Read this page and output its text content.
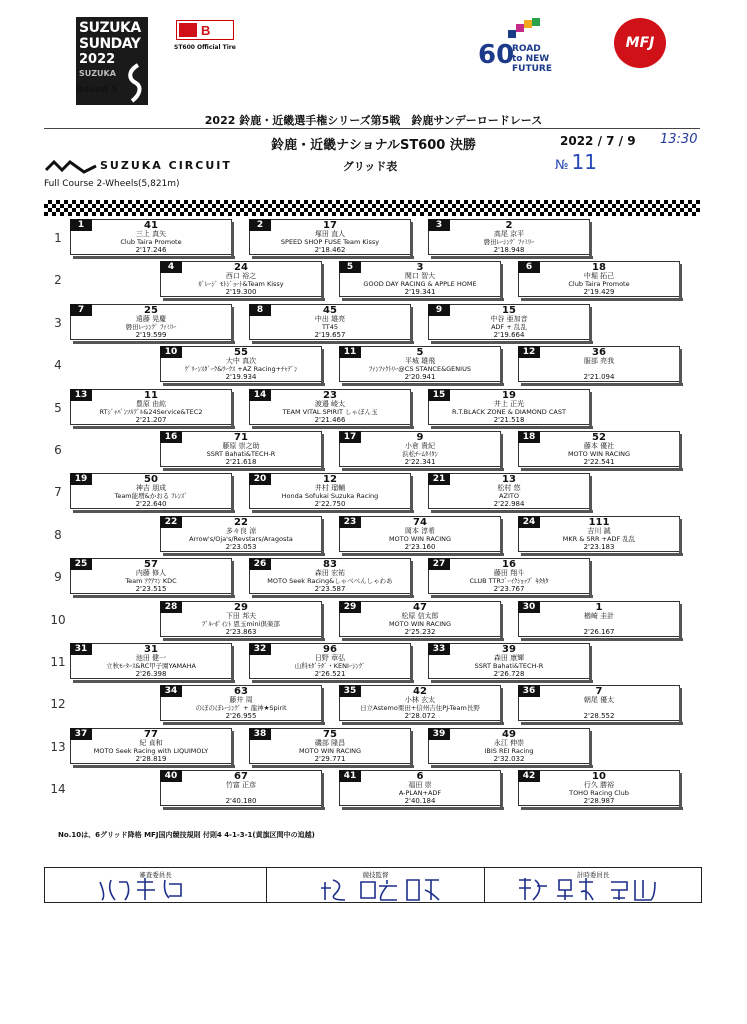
SUZUKA
SUNDAY
2022
SUZUKA
Round 5
B
ST600 Official Tire	60
ROAD
to NEW
FUTURE
MFJ
2022 鈴鹿・近畿選手権シリーズ第5戦　鈴鹿サンデーロードレース
鈴鹿・近畿ナショナルST600 決勝
グリッド表
2022 / 7 / 9 13:30
№ 11
SUZUKA CIRCUIT
Full Course 2-Wheels(5,821m)
1
1	41
三上 真矢
Club Taira Promote
2'17.246
2	17
塚田 直人
SPEED SHOP FUSE Team Kissy
2'18.462
3	2
高尾 京平
磐田ﾚｰｼﾝｸﾞ ﾌｧﾐﾘｰ
2'18.948
2
4	24
西口 裕之
ｶﾞﾚｰｼﾞ ﾓﾄｼﾞｮｰﾄ&Team Kissy
2'19.300
5	3
関口 智大
GOOD DAY RACING & APPLE HOME
2'19.341
6	18
中堀 拓己
Club Taira Promote
2'19.429
3
7	25
遠藤 晃慶
磐田ﾚｰｼﾝｸﾞ ﾌｧﾐﾘｰ
2'19.599
8	45
中出 雄亮
TT45
2'19.657
9	15
中谷 亜加音
ADF + 乱乱
2'19.664
4
10	55
大中 真次
ｸﾞﾘｰﾝｽﾀﾞｰｸ&ﾜｰｸｽ +AZ Racing+ﾁｬﾃﾞﾝ
2'19.934
11	5
平城 雄飛
ﾌｧﾝﾌｧｸﾄﾘｰ@CS STANCE&GENIUS
2'20.941
12	36
服部 亮我
2'21.094
5
13	11
豊原 由紘
RTｼﾞｬﾊﾟﾝｿﾙﾌﾞﾙ&24Service&TEC2
2'21.207
14	23
渡邉 崚太
TEAM VITAL SPIRIT しゃぼん玉
2'21.466
15	19
井上 正光
R.T.BLACK ZONE & DIAMOND CAST
2'21.518
6
16	71
藤原 崇之助
SSRT Bahati&TECH-R
2'21.618
17	9
小倉 貴紀
浜松ﾁｰﾑﾀｲﾀﾝ
2'22.341
18	52
藤本 優社
MOTO WIN RACING
2'22.541
7
19	50
神吉 朋成
Team能増&かおる ﾌﾚﾝｽﾞ
2'22.640
20	12
井村 瑠輔
Honda Sofukai Suzuka Racing
2'22.750
21	13
松村 悠
AZITO
2'22.984
8
22	22
多々良 涼
Arrow's/Oja's/Revstars/Aragosta
2'23.053
23	74
岡本 淳希
MOTO WIN RACING
2'23.160
24	111
吉川 誠
MKR & SRR +ADF 乱乱
2'23.183
9
25	57
内藤 修人
Team ｱｸｱﾏﾝ KDC
2'23.515
26	83
森田 宏祐
MOTO Seek Racing&しゃべべんしゃわあ
2'23.587
27	16
藤田 翔斗
CLUB TTRｺﾞｰｲｸｼｮｯﾌﾟ ｷﾀｶﾀ
2'23.767
10
28	29
下田 邦夫
ﾌﾞﾙｰﾎﾟｲﾝﾄ 恩玉mini倶楽部
2'23.863
29	47
松原 信太郎
MOTO WIN RACING
2'25.232
30	1
楢崎 圭計
2'26.167
11
31	31
池田 健一
立秋ﾓｰﾀｰｽ&RC甲子園YAMAHA
2'26.398
32	96
日野 章弘
山科ﾓﾀﾞﾗﾀﾞ・KENIｰｼﾝｸﾞ
2'26.521
33	39
森田 康輝
SSRT Bahati&TECH-R
2'26.728
12
34	63
藤井 周
のぼのぼﾚｰｼﾝｸﾞ + 龍神★Spirit
2'26.955
35	42
小林 玄太
日立Astemo栗田+信州吉住PJ-Team長野
2'28.072
36	7
朝尾 優太
2'28.552
13
37	77
紀 貞和
MOTO Seek Racing with LIQUIMOLY
2'28.819
38	75
磯部 隆昌
MOTO WIN RACING
2'29.771
39	49
永江 伸崇
IBIS REI Racing
2'32.032
14
40	67
竹富 正彦
2'40.180
41	6
福田 崇
A-PLAN+ADF
2'40.184
42	10
行久 勝裕
TOHO Racing Club
2'28.987
No.10は、6グリッド降格 MFJ国内競技規則 付則4 4-1-3-1(黄旗区間中の追越)
審査委員長	競技監督	計時委員長
